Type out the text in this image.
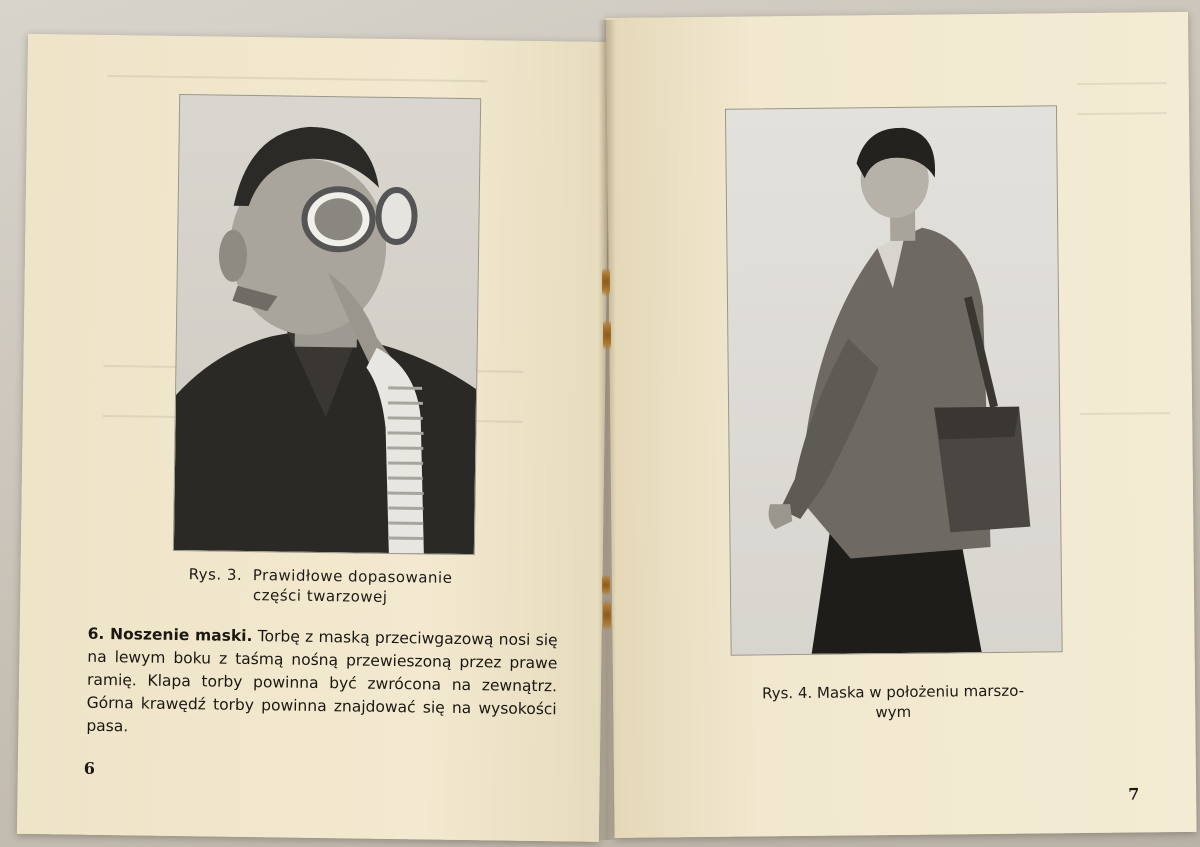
Rys. 3. Prawidłowe dopasowanie
części twarzowej
6. Noszenie maski. Torbę z maską przeciwgazową nosi się na lewym boku z taśmą nośną przewieszoną przez prawe ramię. Klapa torby powinna być zwrócona na zewnątrz. Górna krawędź torby powinna znajdować się na wysokości pasa.
6
Rys. 4. Maska w położeniu marszo-
wym
7
